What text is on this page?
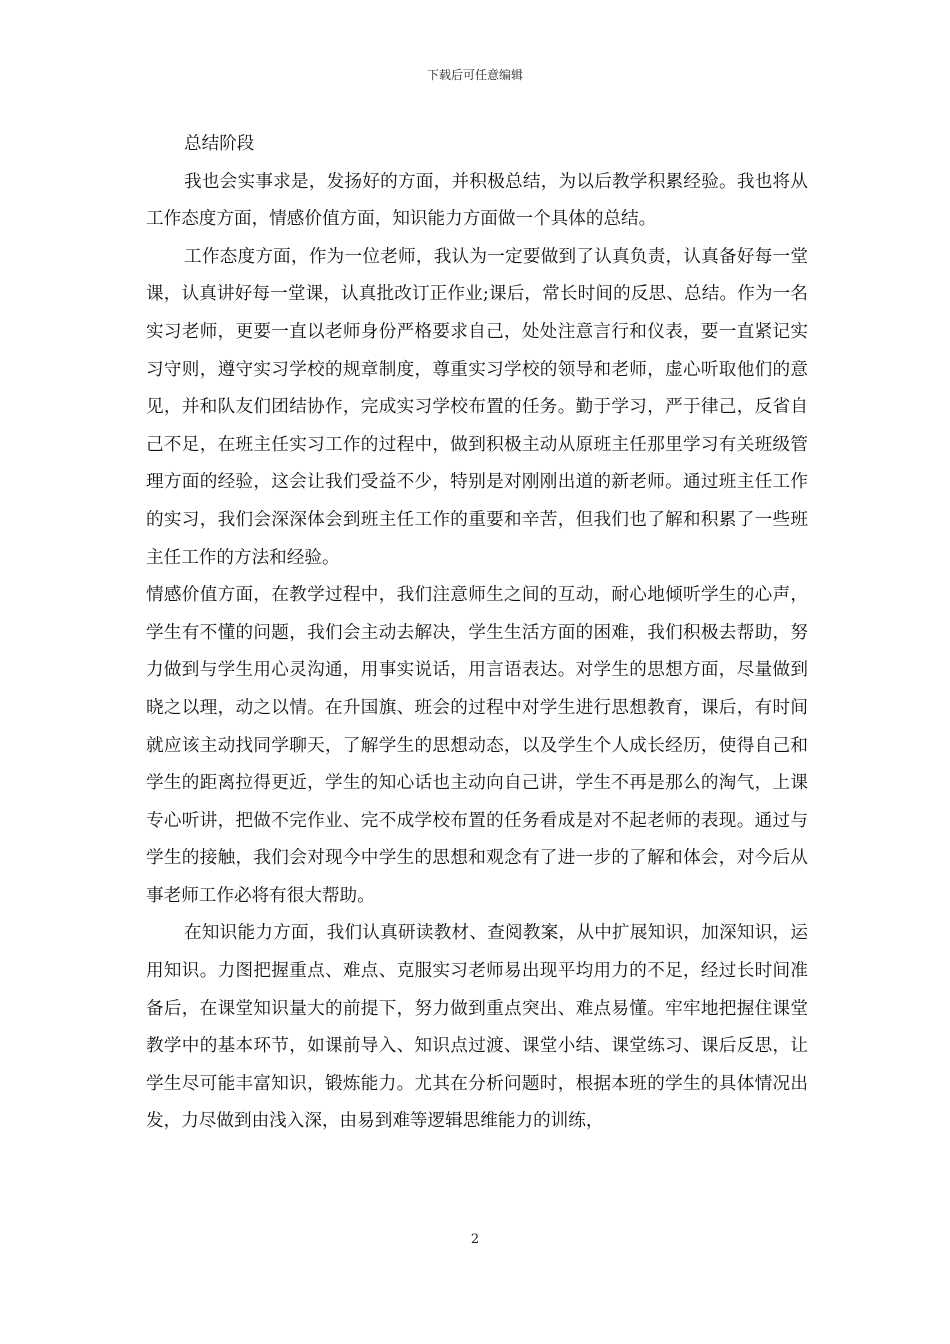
下载后可任意编辑

总结阶段

我也会实事求是，发扬好的方面，并积极总结，为以后教学积累经验。我也将从工作态度方面，情感价值方面，知识能力方面做一个具体的总结。

工作态度方面，作为一位老师，我认为一定要做到了认真负责，认真备好每一堂课，认真讲好每一堂课，认真批改订正作业;课后，常长时间的反思、总结。作为一名实习老师，更要一直以老师身份严格要求自己，处处注意言行和仪表，要一直紧记实习守则，遵守实习学校的规章制度，尊重实习学校的领导和老师，虚心听取他们的意见，并和队友们团结协作，完成实习学校布置的任务。勤于学习，严于律己，反省自己不足，在班主任实习工作的过程中，做到积极主动从原班主任那里学习有关班级管理方面的经验，这会让我们受益不少，特别是对刚刚出道的新老师。通过班主任工作的实习，我们会深深体会到班主任工作的重要和辛苦，但我们也了解和积累了一些班主任工作的方法和经验。

情感价值方面，在教学过程中，我们注意师生之间的互动，耐心地倾听学生的心声，学生有不懂的问题，我们会主动去解决，学生生活方面的困难，我们积极去帮助，努力做到与学生用心灵沟通，用事实说话，用言语表达。对学生的思想方面，尽量做到晓之以理，动之以情。在升国旗、班会的过程中对学生进行思想教育，课后，有时间就应该主动找同学聊天，了解学生的思想动态，以及学生个人成长经历，使得自己和学生的距离拉得更近，学生的知心话也主动向自己讲，学生不再是那么的淘气，上课专心听讲，把做不完作业、完不成学校布置的任务看成是对不起老师的表现。通过与学生的接触，我们会对现今中学生的思想和观念有了进一步的了解和体会，对今后从事老师工作必将有很大帮助。

在知识能力方面，我们认真研读教材、查阅教案，从中扩展知识，加深知识，运用知识。力图把握重点、难点、克服实习老师易出现平均用力的不足，经过长时间准备后，在课堂知识量大的前提下，努力做到重点突出、难点易懂。牢牢地把握住课堂教学中的基本环节，如课前导入、知识点过渡、课堂小结、课堂练习、课后反思，让学生尽可能丰富知识，锻炼能力。尤其在分析问题时，根据本班的学生的具体情况出发，力尽做到由浅入深，由易到难等逻辑思维能力的训练，

2
